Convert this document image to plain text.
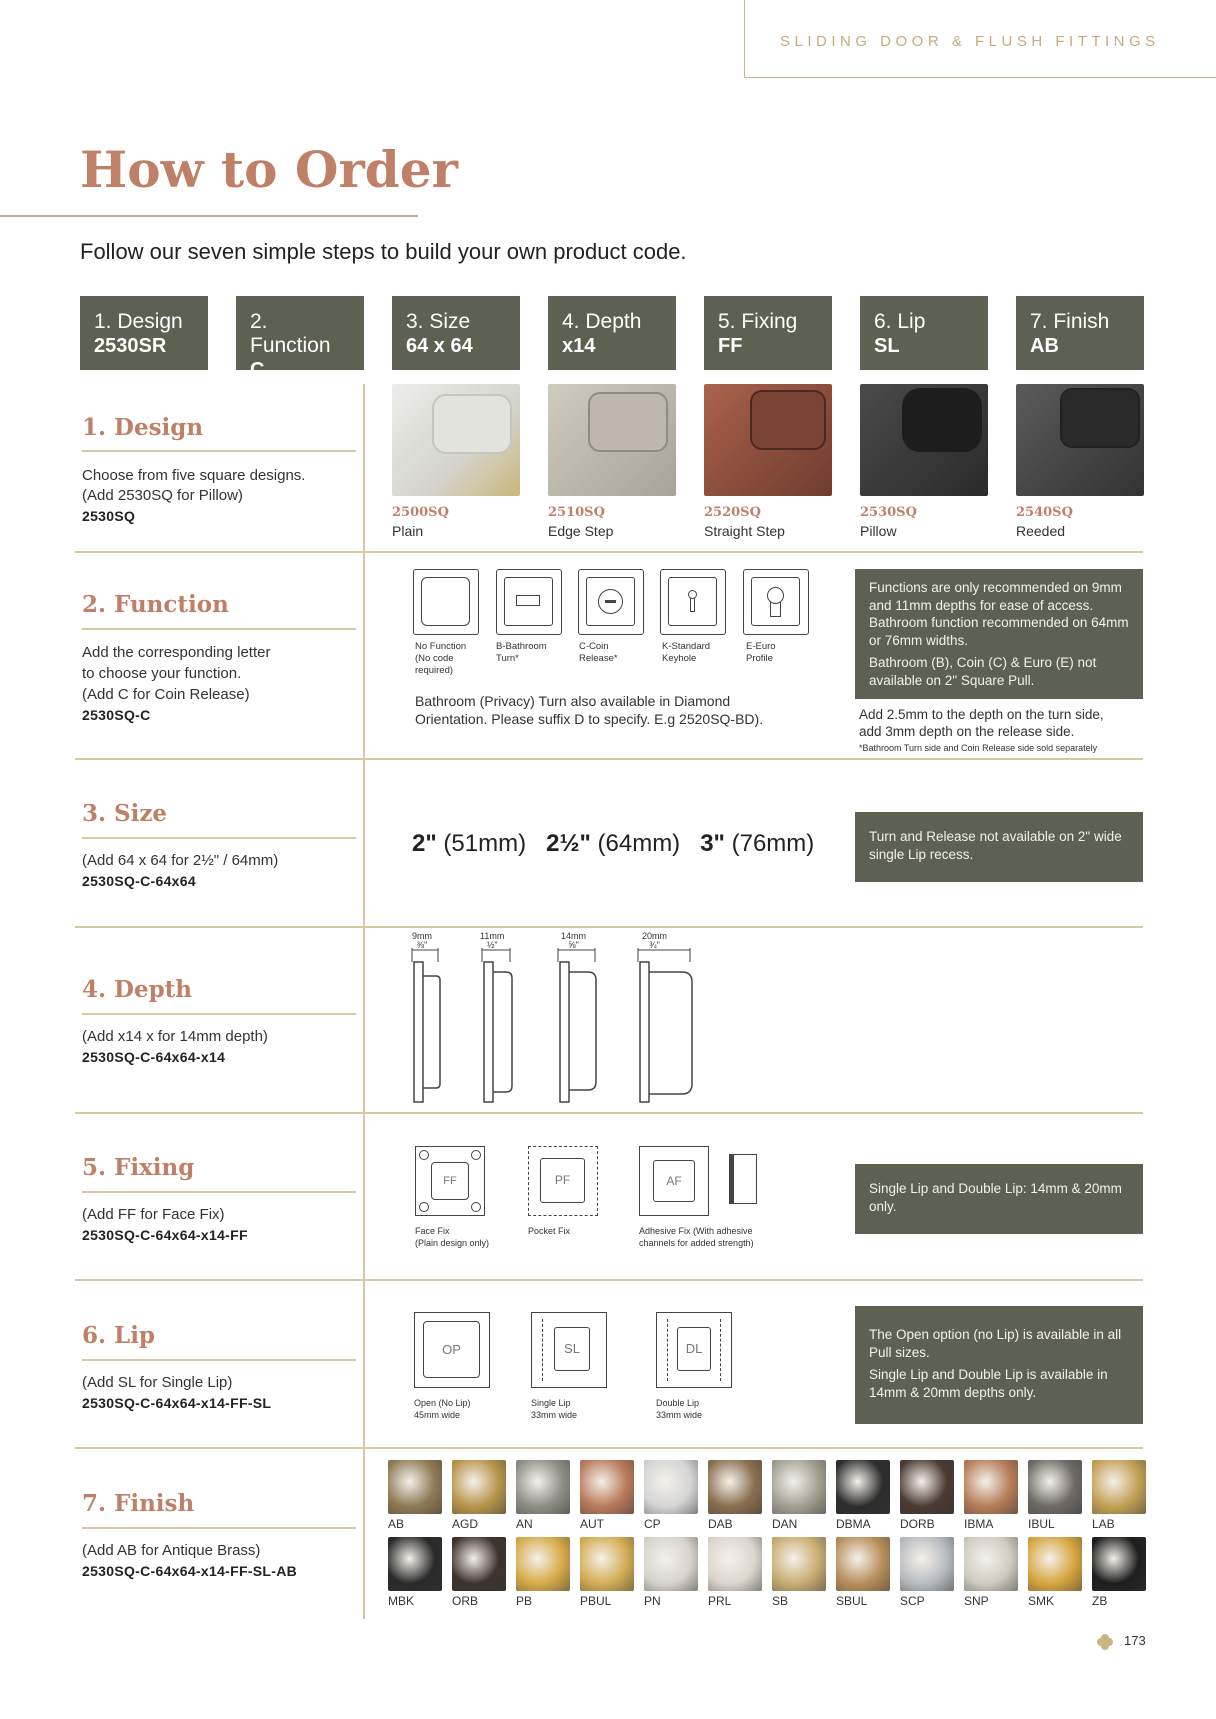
SLIDING DOOR & FLUSH FITTINGS
How to Order
Follow our seven simple steps to build your own product code.
1. Design
2530SR
2. Function
C
3. Size
64 x 64
4. Depth
x14
5. Fixing
FF
6. Lip
SL
7. Finish
AB
1. Design
Choose from five square designs.
(Add 2530SQ for Pillow)
2530SQ	2500SQ
Plain
2510SQ
Edge Step
2520SQ
Straight Step
2530SQ
Pillow
2540SQ
Reeded
2. Function
Add the corresponding letter
to choose your function.
(Add C for Coin Release)
2530SQ-C
No Function
(No code
required)
B-Bathroom
Turn*
C-Coin
Release*
K-Standard
Keyhole
E-Euro
Profile
Bathroom (Privacy) Turn also available in Diamond
Orientation. Please suffix D to specify. E.g 2520SQ-BD).
Functions are only recommended on 9mm and 11mm depths for ease of access. Bathroom function recommended on 64mm or 76mm widths.
Bathroom (B), Coin (C) & Euro (E) not available on 2" Square Pull.
Add 2.5mm to the depth on the turn side,
add 3mm depth on the release side.
*Bathroom Turn side and Coin Release side sold separately
3. Size
(Add 64 x 64 for 2½" / 64mm)
2530SQ-C-64x64
2" (51mm) 2½" (64mm) 3" (76mm)	Turn and Release not available on 2" wide single Lip recess.
4. Depth
(Add x14 x for 14mm depth)
2530SQ-C-64x64-x14
9mm
⅜"
11mm
½"
14mm
⅝"
20mm
¾"
5. Fixing
(Add FF for Face Fix)
2530SQ-C-64x64-x14-FF
FF	PF	AF
Face Fix
(Plain design only)
Pocket Fix	Adhesive Fix (With adhesive
channels for added strength)
Single Lip and Double Lip: 14mm & 20mm only.
6. Lip
(Add SL for Single Lip)
2530SQ-C-64x64-x14-FF-SL
OP	SL	DL
Open (No Lip)
45mm wide
Single Lip
33mm wide
Double Lip
33mm wide
The Open option (no Lip) is available in all Pull sizes.
Single Lip and Double Lip is available in 14mm & 20mm depths only.
7. Finish
(Add AB for Antique Brass)
2530SQ-C-64x64-x14-FF-SL-AB
AB	AGD	AN	AUT	CP	DAB	DAN	DBMA DORB IBMA	IBUL	LAB
MBK	ORB	PB	PBUL	PN	PRL	SB	SBUL	SCP	SNP	SMK	ZB
173
